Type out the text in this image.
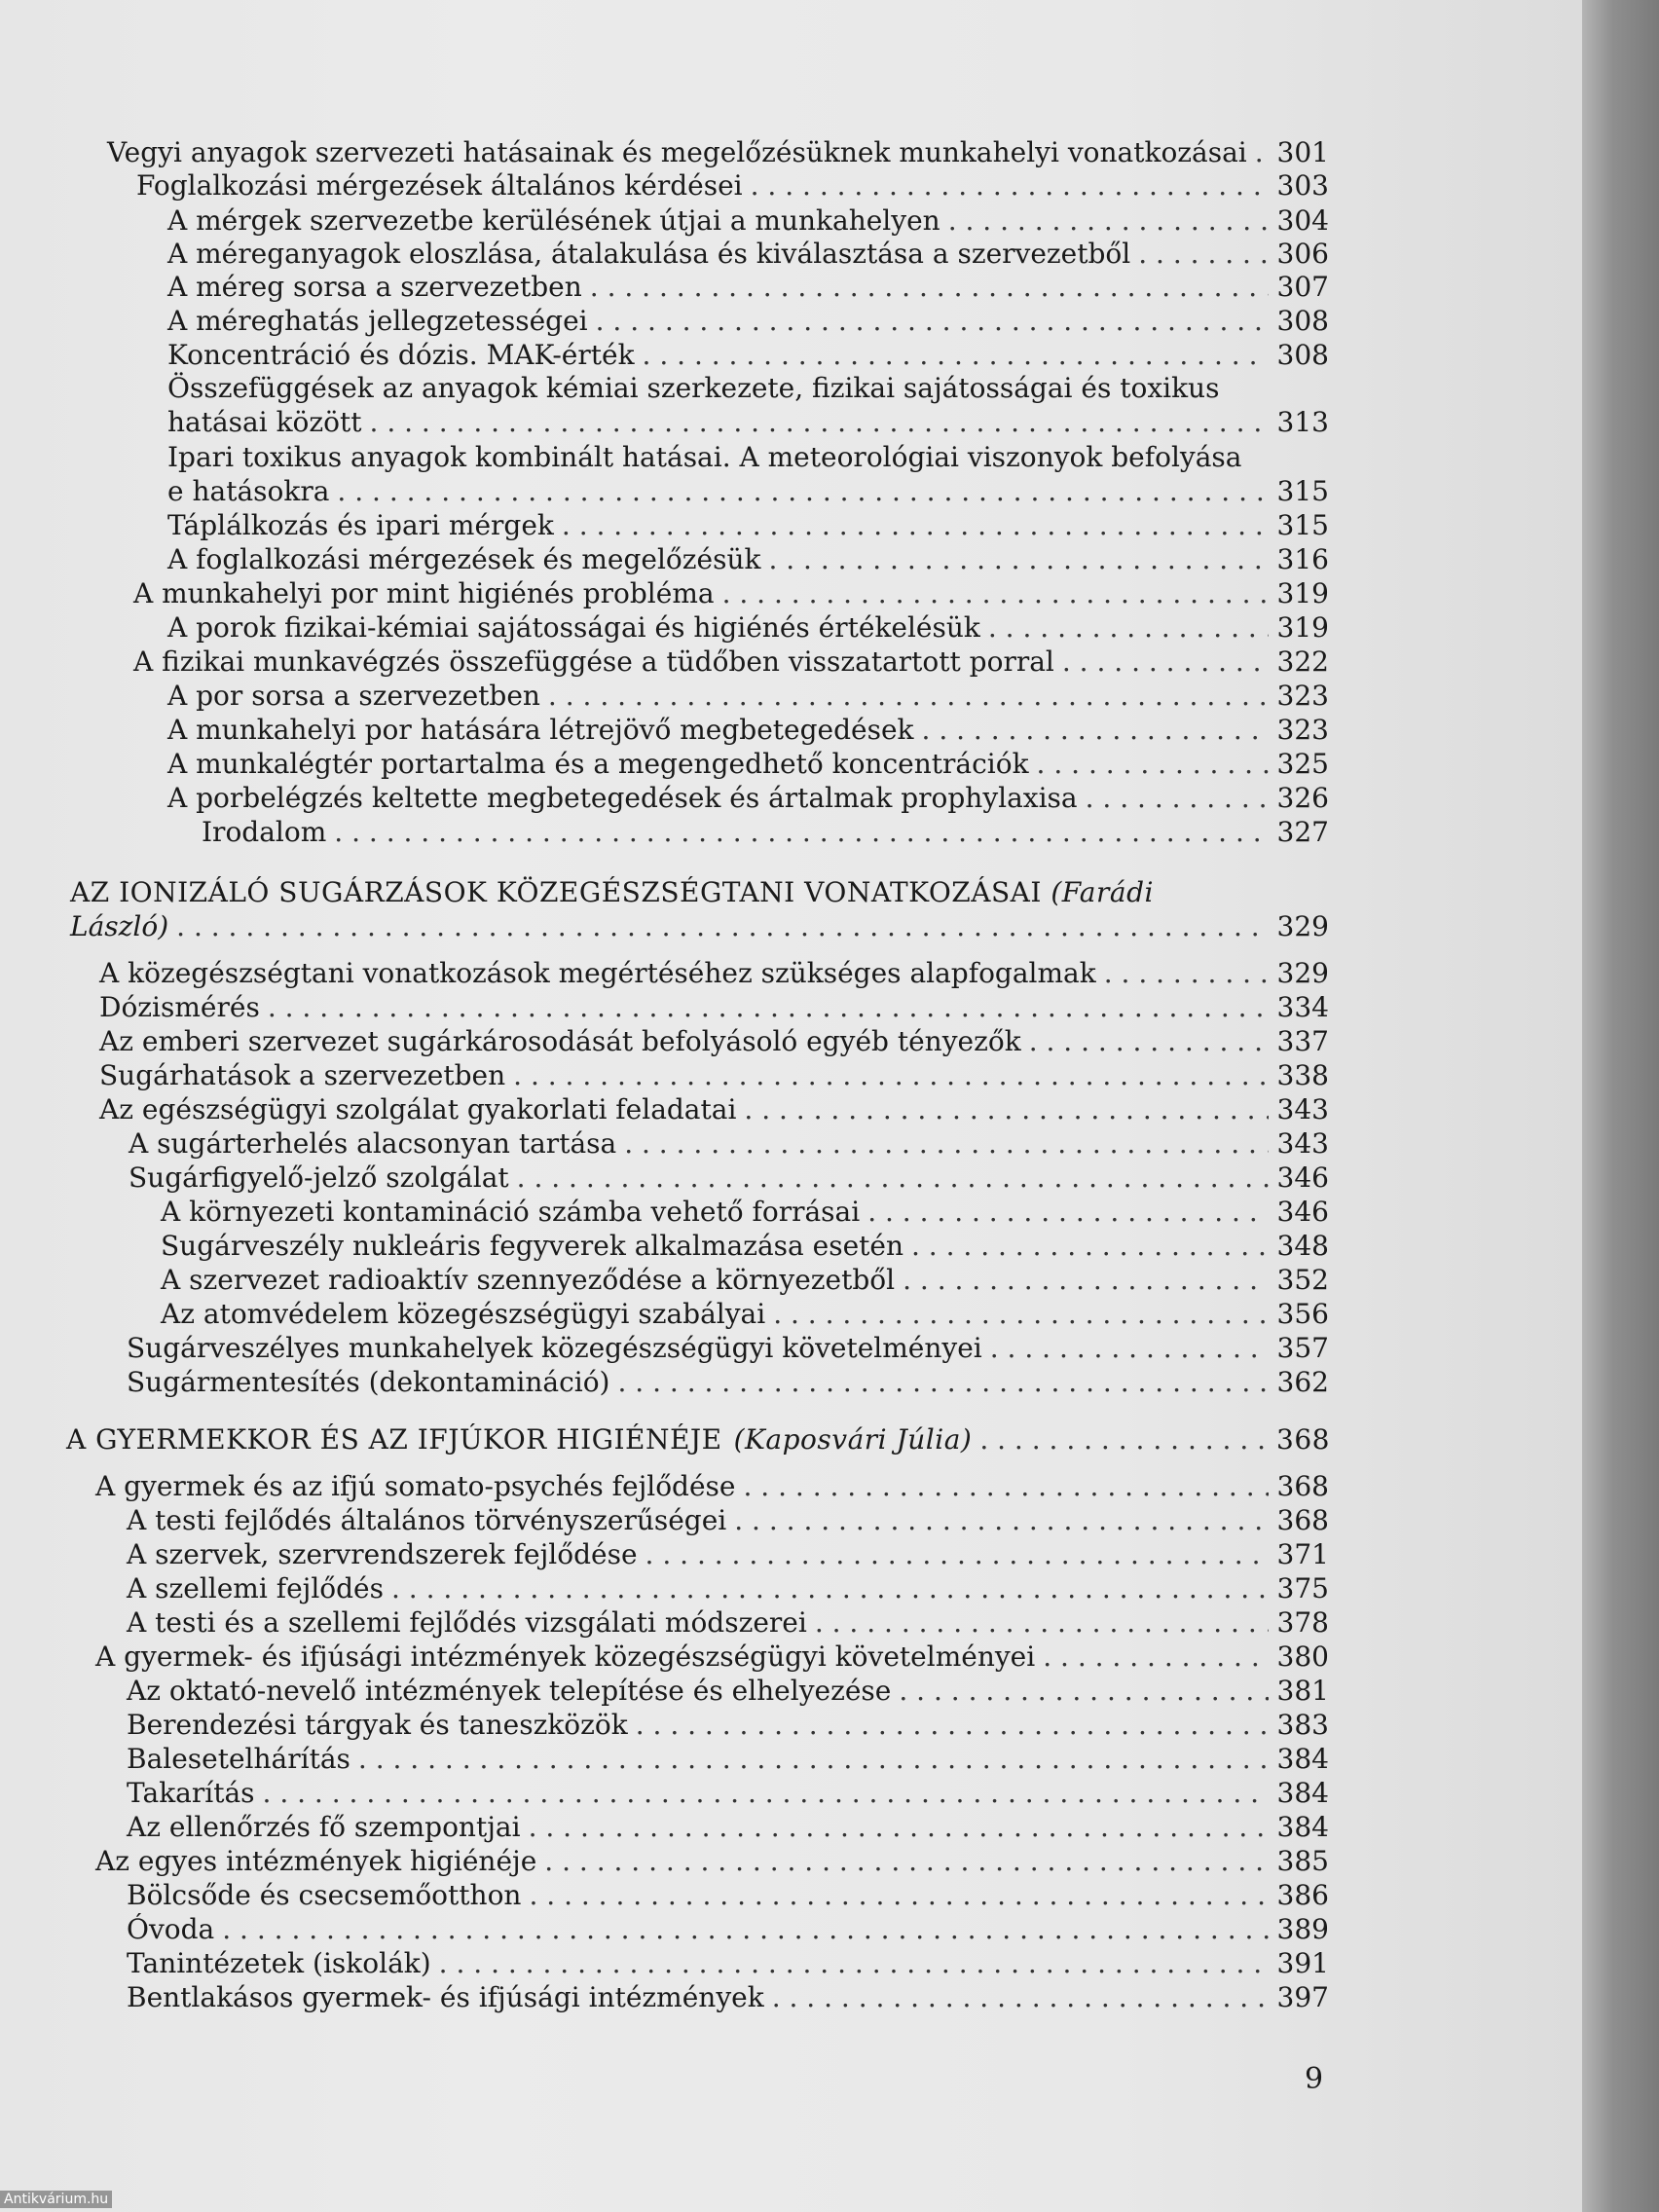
Vegyi anyagok szervezeti hatásainak és megelőzésüknek munkahelyi vonatkozásai . . . 301
Foglalkozási mérgezések általános kérdései . . .	303
A mérgek szervezetbe kerülésének útjai a munkahelyen . . .	304
A méreganyagok eloszlása, átalakulása és kiválasztása a szervezetből . . .	306
A méreg sorsa a szervezetben . . .	307
A méreghatás jellegzetességei . . .	308
Koncentráció és dózis. MAK-érték . . .	308
Összefüggések az anyagok kémiai szerkezete, fizikai sajátosságai és toxikus
hatásai között . . .	313
Ipari toxikus anyagok kombinált hatásai. A meteorológiai viszonyok befolyása
e hatásokra . . .	315
Táplálkozás és ipari mérgek . . .	315
A foglalkozási mérgezések és megelőzésük . . .	316
A munkahelyi por mint higiénés probléma . . .	319
A porok fizikai-kémiai sajátosságai és higiénés értékelésük . . .	319
A fizikai munkavégzés összefüggése a tüdőben visszatartott porral . . .	322
A por sorsa a szervezetben . . .	323
A munkahelyi por hatására létrejövő megbetegedések . . .	323
A munkalégtér portartalma és a megengedhető koncentrációk . . .	325
A porbelégzés keltette megbetegedések és ártalmak prophylaxisa . . .	326
Irodalom . . .	327
AZ IONIZÁLÓ SUGÁRZÁSOK KÖZEGÉSZSÉGTANI VONATKOZÁSAI (Farádi
László) . . .	329
A közegészségtani vonatkozások megértéséhez szükséges alapfogalmak . . .	329
Dózismérés . . .	334
Az emberi szervezet sugárkárosodását befolyásoló egyéb tényezők . . .	337
Sugárhatások a szervezetben . . .	338
Az egészségügyi szolgálat gyakorlati feladatai . . .	343
A sugárterhelés alacsonyan tartása . . .	343
Sugárfigyelő-jelző szolgálat . . .	346
A környezeti kontamináció számba vehető forrásai . . .	346
Sugárveszély nukleáris fegyverek alkalmazása esetén . . .	348
A szervezet radioaktív szennyeződése a környezetből . . .	352
Az atomvédelem közegészségügyi szabályai . . .	356
Sugárveszélyes munkahelyek közegészségügyi követelményei . . .	357
Sugármentesítés (dekontamináció) . . .	362
A GYERMEKKOR ÉS AZ IFJÚKOR HIGIÉNÉJE (Kaposvári Júlia) . . .	368
A gyermek és az ifjú somato-psychés fejlődése . . .	368
A testi fejlődés általános törvényszerűségei . . .	368
A szervek, szervrendszerek fejlődése . . .	371
A szellemi fejlődés . . .	375
A testi és a szellemi fejlődés vizsgálati módszerei . . .	378
A gyermek- és ifjúsági intézmények közegészségügyi követelményei . . .	380
Az oktató-nevelő intézmények telepítése és elhelyezése . . .	381
Berendezési tárgyak és taneszközök . . .	383
Balesetelhárítás . . .	384
Takarítás . . .	384
Az ellenőrzés fő szempontjai . . .	384
Az egyes intézmények higiénéje . . .	385
Bölcsőde és csecsemőotthon . . .	386
Óvoda . . .	389
Tanintézetek (iskolák) . . .	391
Bentlakásos gyermek- és ifjúsági intézmények . . .	397
9
Antikvárium.hu
